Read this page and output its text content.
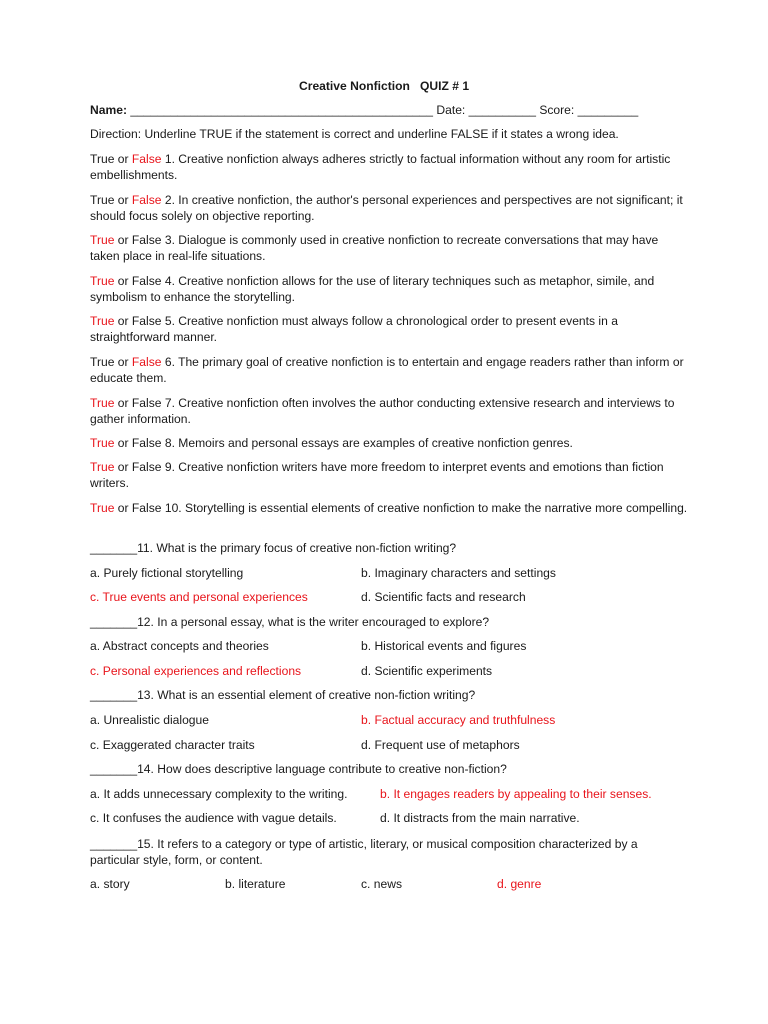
Creative Nonfiction QUIZ # 1
Name: _____________________________________________ Date: __________ Score: _________
Direction: Underline TRUE if the statement is correct and underline FALSE if it states a wrong idea.
True or False 1. Creative nonfiction always adheres strictly to factual information without any room for artistic embellishments.
True or False 2. In creative nonfiction, the author's personal experiences and perspectives are not significant; it should focus solely on objective reporting.
True or False 3. Dialogue is commonly used in creative nonfiction to recreate conversations that may have taken place in real-life situations.
True or False 4. Creative nonfiction allows for the use of literary techniques such as metaphor, simile, and symbolism to enhance the storytelling.
True or False 5. Creative nonfiction must always follow a chronological order to present events in a straightforward manner.
True or False 6. The primary goal of creative nonfiction is to entertain and engage readers rather than inform or educate them.
True or False 7. Creative nonfiction often involves the author conducting extensive research and interviews to gather information.
True or False 8. Memoirs and personal essays are examples of creative nonfiction genres.
True or False 9. Creative nonfiction writers have more freedom to interpret events and emotions than fiction writers.
True or False 10. Storytelling is essential elements of creative nonfiction to make the narrative more compelling.
_______11. What is the primary focus of creative non-fiction writing?
a. Purely fictional storytelling	b. Imaginary characters and settings
c. True events and personal experiences	d. Scientific facts and research
_______12. In a personal essay, what is the writer encouraged to explore?
a. Abstract concepts and theories	b. Historical events and figures
c. Personal experiences and reflections	d. Scientific experiments
_______13. What is an essential element of creative non-fiction writing?
a. Unrealistic dialogue	b. Factual accuracy and truthfulness
c. Exaggerated character traits	d. Frequent use of metaphors
_______14. How does descriptive language contribute to creative non-fiction?
a. It adds unnecessary complexity to the writing.	b. It engages readers by appealing to their senses.
c. It confuses the audience with vague details.	d. It distracts from the main narrative.
_______15. It refers to a category or type of artistic, literary, or musical composition characterized by a particular style, form, or content.
a. story	b. literature	c. news	d. genre
